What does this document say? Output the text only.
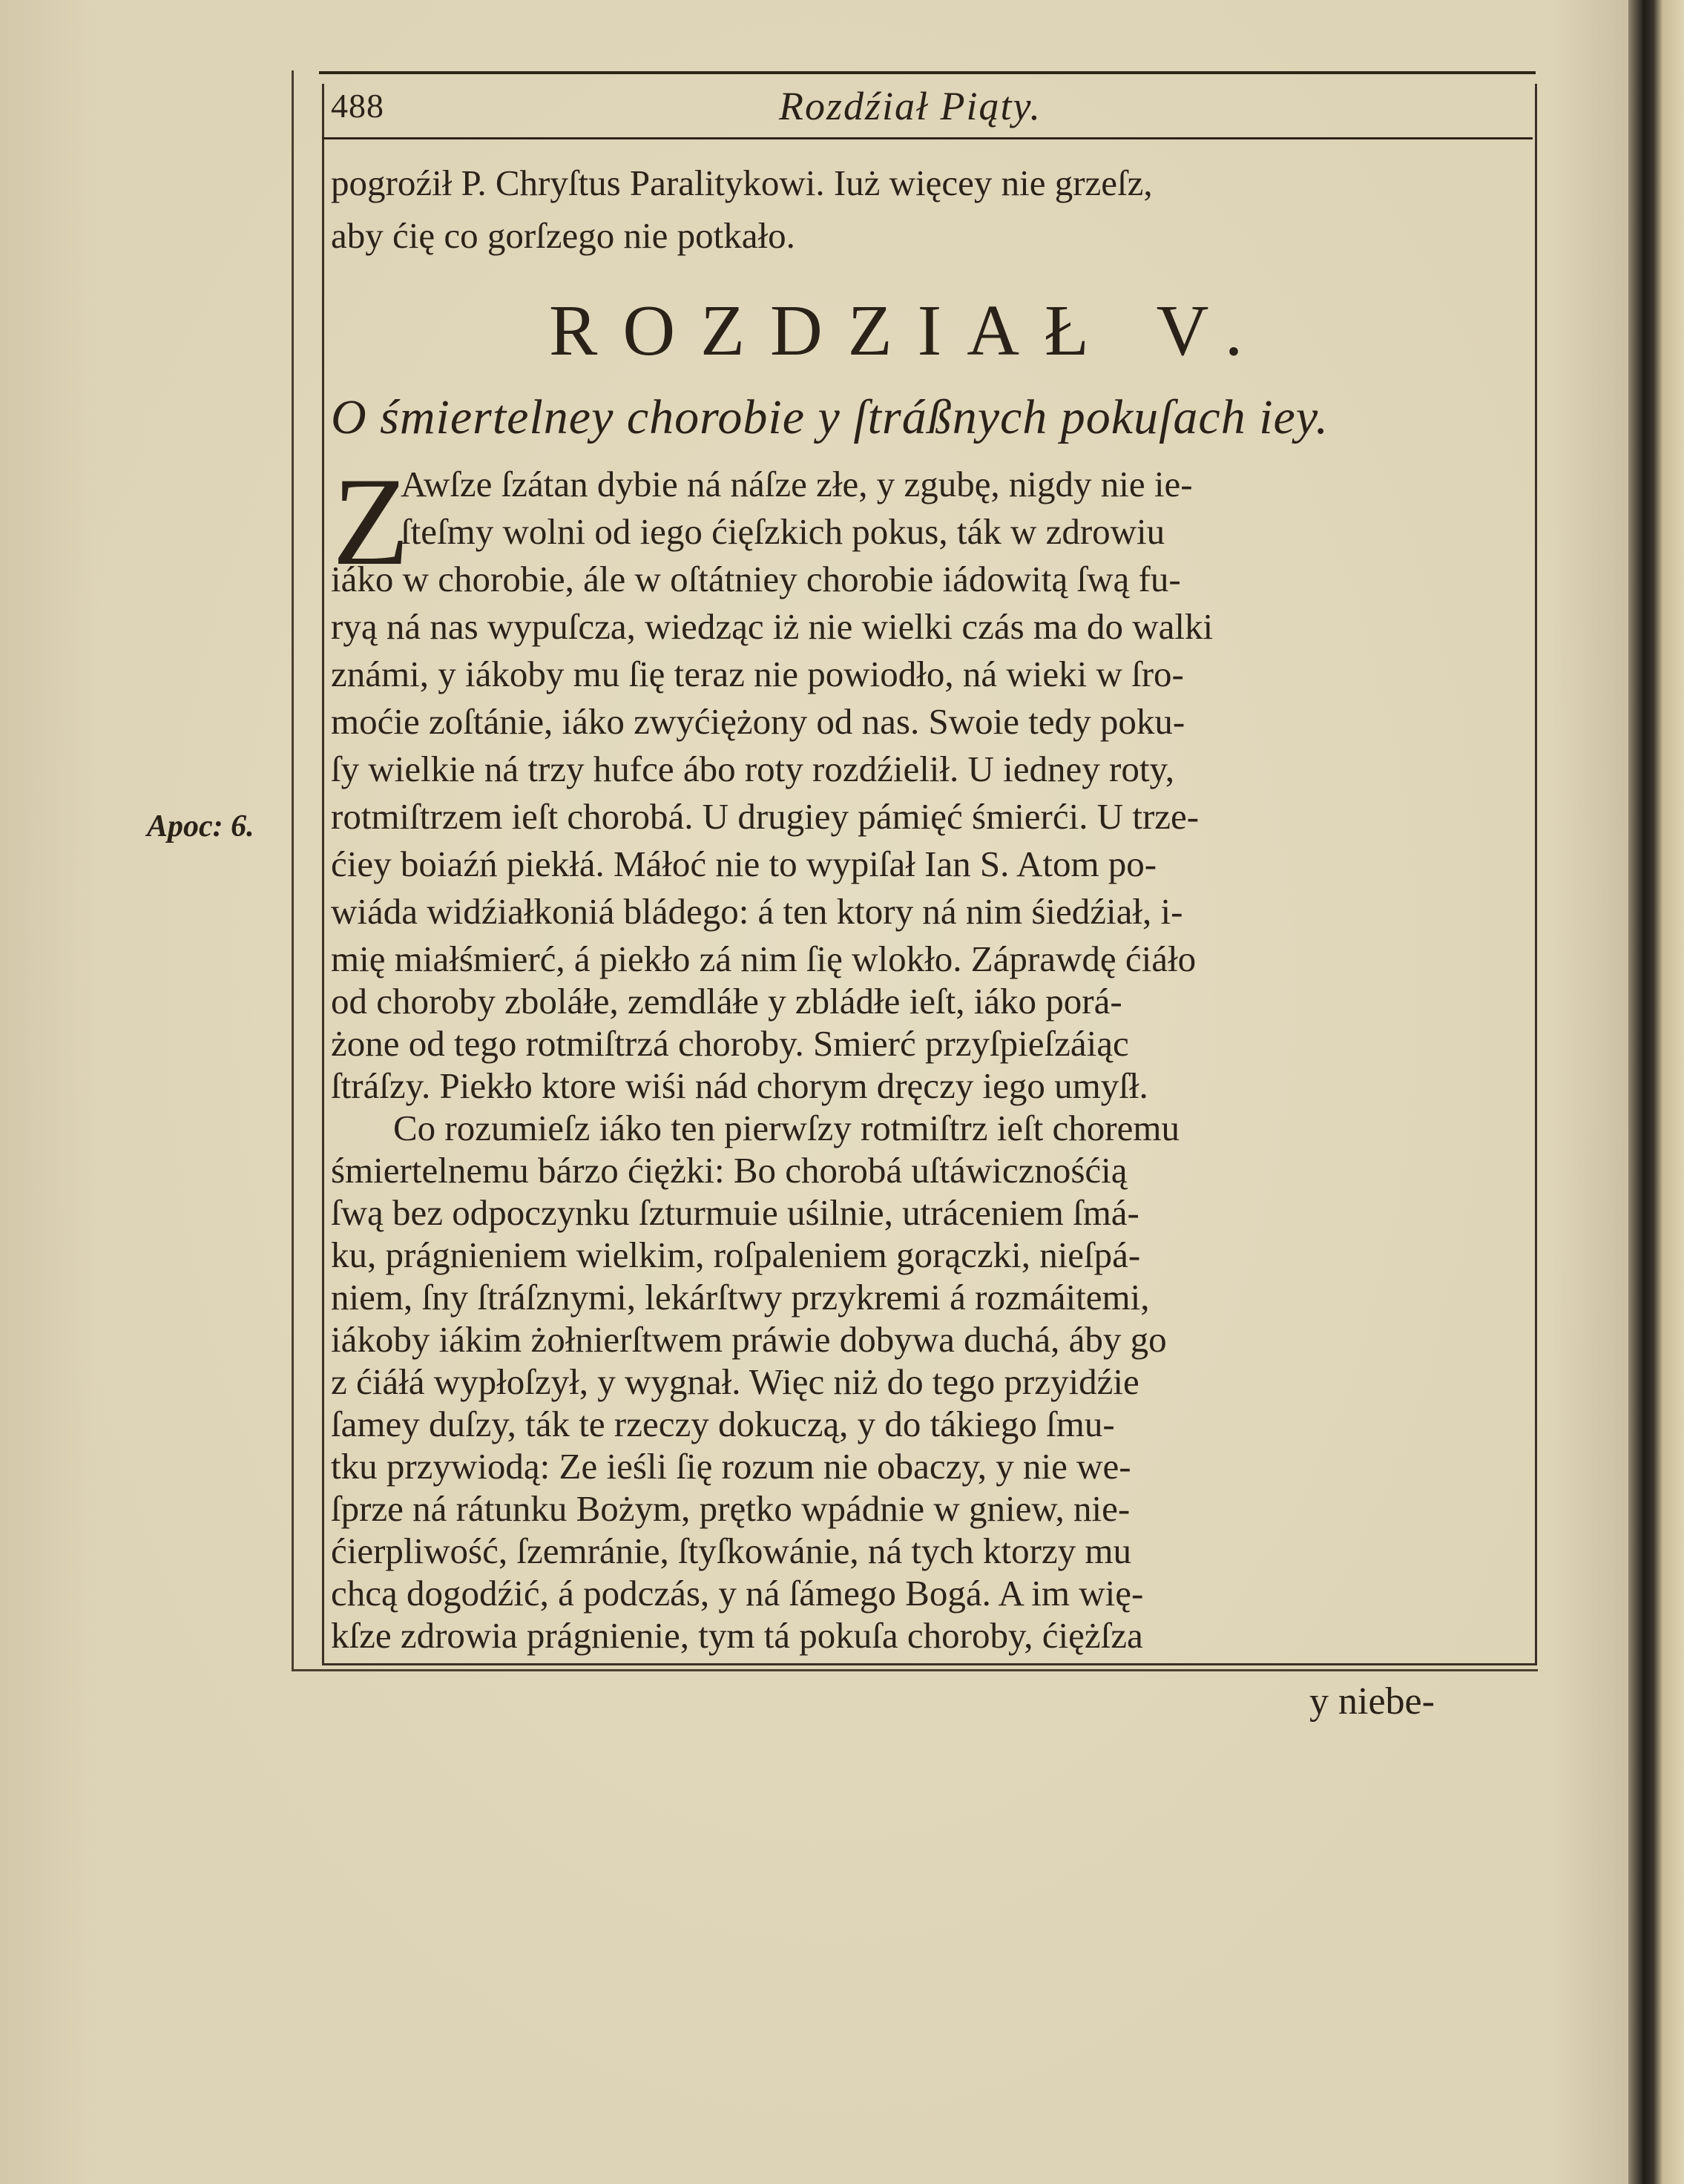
488	Rozdźiał Piąty.
pogroźił P. Chryſtus Paralitykowi. Iuż więcey nie grzeſz,
aby ćię co gorſzego nie potkało.
ROZDZIAŁ V.
O śmiertelney chorobie y ſtráßnych pokuſach iey.
Z
Awſze ſzátan dybie ná náſze złe, y zgubę, nigdy nie ie-
ſteſmy wolni od iego ćięſzkich pokus, ták w zdrowiu
iáko w chorobie, ále w oſtátniey chorobie iádowitą ſwą fu-
ryą ná nas wypuſcza, wiedząc iż nie wielki czás ma do walki
známi, y iákoby mu ſię teraz nie powiodło, ná wieki w ſro-
moćie zoſtánie, iáko zwyćiężony od nas. Swoie tedy poku-
ſy wielkie ná trzy hufce ábo roty rozdźielił. U iedney roty,
rotmiſtrzem ieſt chorobá. U drugiey pámięć śmierći. U trze-
ćiey boiaźń piekłá. Máłoć nie to wypiſał Ian S. Atom po-
wiáda widźiałkoniá bládego: á ten ktory ná nim śiedźiał, i-
Apoc: 6.
y niebe-
mię miałśmierć, á piekło zá nim ſię wlokło. Záprawdę ćiáło
od choroby zboláłe, zemdláłe y zbládłe ieſt, iáko porá-
żone od tego rotmiſtrzá choroby. Smierć przyſpieſzáiąc
ſtráſzy. Piekło ktore wiśi nád chorym dręczy iego umyſł.
Co rozumieſz iáko ten pierwſzy rotmiſtrz ieſt choremu
śmiertelnemu bárzo ćiężki: Bo chorobá uſtáwicznośćią
ſwą bez odpoczynku ſzturmuie uśilnie, utráceniem ſmá-
ku, prágnieniem wielkim, roſpaleniem gorączki, nieſpá-
niem, ſny ſtráſznymi, lekárſtwy przykremi á rozmáitemi,
iákoby iákim żołnierſtwem práwie dobywa duchá, áby go
z ćiáłá wypłoſzył, y wygnał. Więc niż do tego przyidźie
ſamey duſzy, ták te rzeczy dokuczą, y do tákiego ſmu-
tku przywiodą: Ze ieśli ſię rozum nie obaczy, y nie we-
ſprze ná rátunku Bożym, prętko wpádnie w gniew, nie-
ćierpliwość, ſzemránie, ſtyſkowánie, ná tych ktorzy mu
chcą dogodźić, á podczás, y ná ſámego Bogá. A im wię-
kſze zdrowia prágnienie, tym tá pokuſa choroby, ćiężſza
